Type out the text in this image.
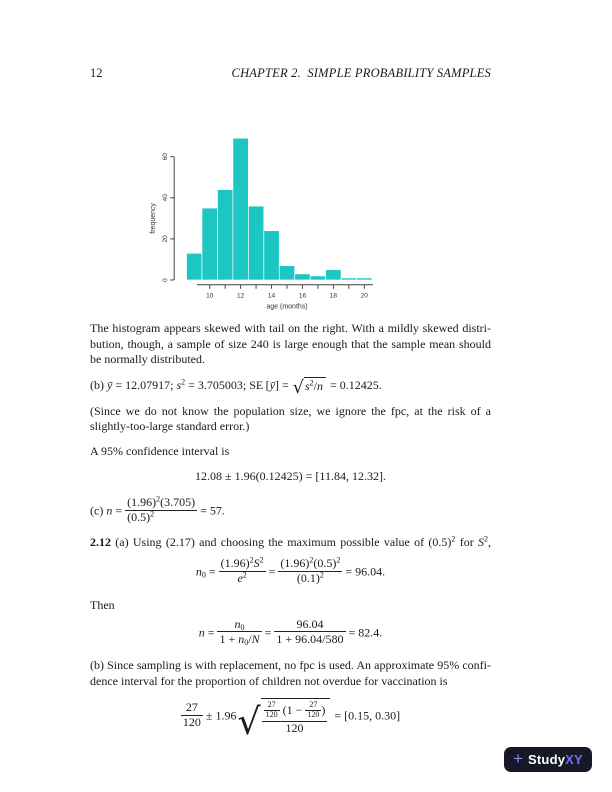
12	CHAPTER 2. SIMPLE PROBABILITY SAMPLES
0
20
40
60
frequency
10	12	14	16	18	20
age (months)
The histogram appears skewed with tail on the right. With a mildly skewed distri-
bution, though, a sample of size 240 is large enough that the sample mean should
be normally distributed.
(b) ȳ = 12.07917; $s^2 = 3.705003$; SE [ȳ] = √ $s^2/n = 0.12425$.
(Since we do not know the population size, we ignore the fpc, at the risk of a
slightly-too-large standard error.)
A 95% confidence interval is
12.08 ± 1.96(0.12425) = [11.84, 12.32].
(c) $n = \frac{(1.96)^2(3.705)}{(0.5)^2} = 57$.
2.12 (a) Using (2.17) and choosing the maximum possible value of $(0.5)^2$ for $S^2$,
$n0 = \frac{(1.96)^2S^2}{e^2} = \frac{(1.96)^2(0.5)^2}{(0.1)^2} = 96.04$.
Then
$n = \frac{n0}{1 + n0/N} = \frac{96.04}{1 + 96.04/580} = 82.4$.
(b) Since sampling is with replacement, no fpc is used. An approximate 95% confi-
dence interval for the proportion of children not overdue for vaccination is
$\frac{27}{120} \pm 1.96$ √ $\frac{\frac{27}{120} (1 - \frac{27}{120} )}{120} = [0.15$, 0.30]
+ StudyXY
